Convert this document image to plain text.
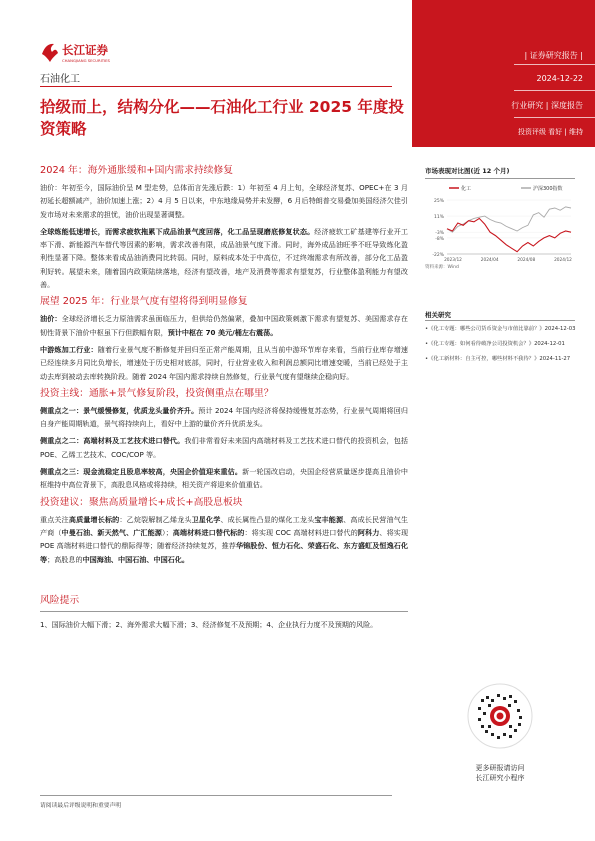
| 证券研究报告 |
2024-12-22
行业研究 | 深度报告
投资评级 看好 | 维持
长江证券
CHANGJIANG SECURITIES
石油化工
拾级而上，结构分化——石油化工行业 2025 年度投资策略
2024 年：海外通胀缓和+国内需求持续修复
油价：年初至今，国际油价呈 M 型走势，总体而言先涨后跌：1）年初至 4 月上旬，全球经济复苏、OPEC+在 3 月初延长超额减产，油价加速上涨；2）4 月 5 日以来，中东地缘局势并未发酵，6 月后特朗普交易叠加美国经济欠佳引发市场对未来需求的担忧，油价出现显著调整。
全球炼能低速增长，而需求疲软拖累下成品油景气度回落，化工品呈现磨底修复状态。经济疲软工矿基建等行业开工率下滑、新能源汽车替代等因素的影响，需求改善有限，成品油景气度下滑。同时，海外成品油旺季不旺导致炼化盈利性显著下降。整体来看成品油消费同比转弱。同时，原料成本处于中高位，不过终端需求有所改善，部分化工品盈利好转。展望未来，随着国内政策陆续落地，经济有望改善，地产及消费等需求有望复苏，行业整体盈利能力有望改善。
展望 2025 年：行业景气度有望将得到明显修复
油价：全球经济增长乏力原油需求虽面临压力，但供给仍然偏紧，叠加中国政策刺激下需求有望复苏、美国需求存在韧性背景下油价中枢虽下行但跌幅有限，预计中枢在 70 美元/桶左右震荡。
中游炼加工行业：随着行业景气度不断修复并回归至正常产能周期，且从当前中游环节库存来看，当前行业库存增速已经连续多月同比负增长，增速处于历史相对底部，同时，行业营业收入和利润总额同比增速变暖，当前已经处于主动去库到被动去库转换阶段。随着 2024 年国内需求持续自然修复，行业景气度有望继续企稳向好。
投资主线：通胀+景气修复阶段，投资侧重点在哪里？
侧重点之一：景气缓慢修复，优质龙头量价齐升。预计 2024 年国内经济将保持缓慢复苏态势，行业景气周期将回归自身产能周期轨道，景气将持续向上，看好中上游的量价齐升优质龙头。
侧重点之二：高端材料及工艺技术进口替代。我们非常看好未来国内高端材料及工艺技术进口替代的投资机会，包括 POE、乙烯工艺技术、COC/COP 等。
侧重点之三：现金流稳定且股息率较高，央国企价值迎来重估。新一轮国改启动，央国企经营质量逐步提高且油价中枢维持中高位背景下，高股息风格或将持续，相关资产将迎来价值重估。
投资建议：聚焦高质量增长+成长+高股息板块
重点关注高质量增长标的：乙烷裂解制乙烯龙头卫星化学、成长属性凸显的煤化工龙头宝丰能源、高成长民营油气生产商（中曼石油、新天然气、广汇能源）；高端材料进口替代标的：将实现 COC 高端材料进口替代的阿科力、将实现 POE 高端材料进口替代的鼎际得等；随着经济持续复苏，推荐华锦股份、恒力石化、荣盛石化、东方盛虹及恒逸石化等；高股息的中国海油、中国石油、中国石化。
风险提示
1、国际油价大幅下滑；2、海外需求大幅下滑；3、经济修复不及预期；4、企业执行力度不及预期的风险。
市场表现对比图(近 12 个月)
化工	沪深300指数
25%
11%
-3%
-8%
-22%
2023/12	2024/04	2024/08	2024/12
资料来源：Wind
相关研究
•《化工专题：哪些公司货币资金与市值比靠前？》2024-12-03
•《化工专题：如何看待破净公司投资机会？》2024-12-01
•《化工新材料：自主可控，哪些材料不我待？》2024-11-27
更多研报请访问
长江研究小程序
请阅读最后评级说明和重要声明
